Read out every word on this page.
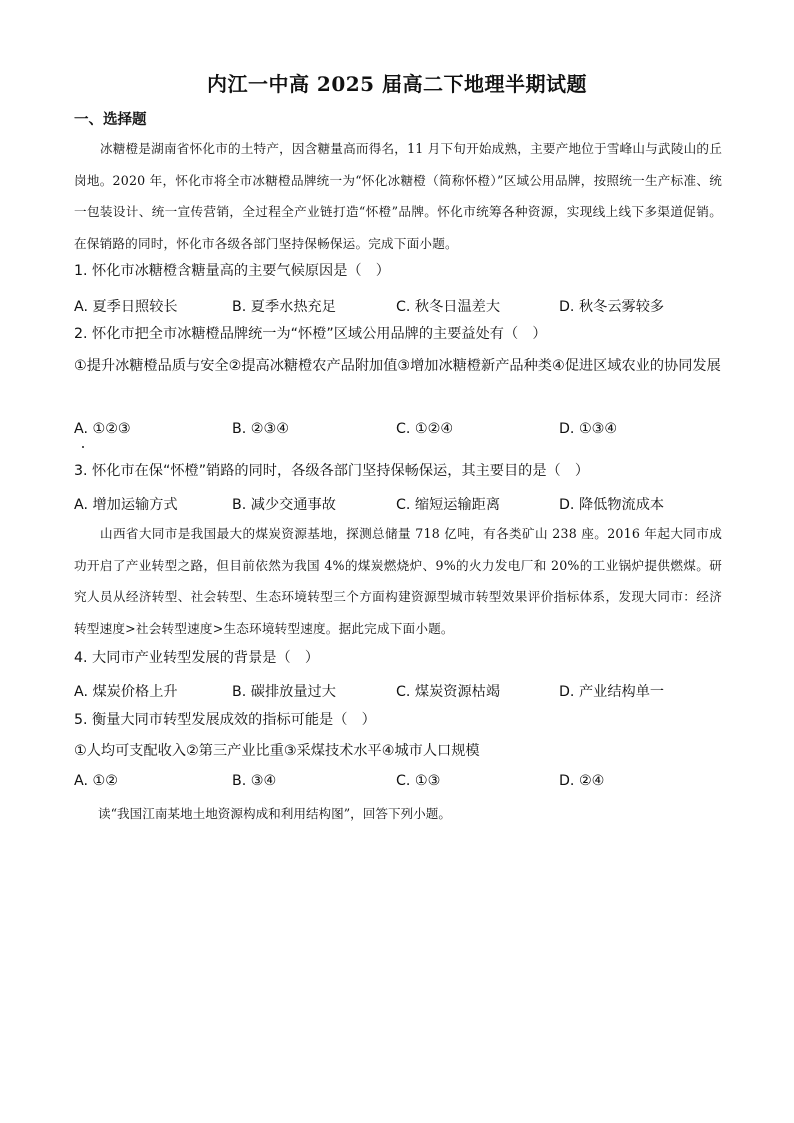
内江一中高 2025 届高二下地理半期试题
一、选择题
冰糖橙是湖南省怀化市的土特产，因含糖量高而得名，11 月下旬开始成熟，主要产地位于雪峰山与武陵山的丘岗地。2020 年，怀化市将全市冰糖橙品牌统一为“怀化冰糖橙（简称怀橙）”区域公用品牌，按照统一生产标准、统一包装设计、统一宣传营销，全过程全产业链打造“怀橙”品牌。怀化市统筹各种资源，实现线上线下多渠道促销。在保销路的同时，怀化市各级各部门坚持保畅保运。完成下面小题。
1. 怀化市冰糖橙含糖量高的主要气候原因是（　）
A. 夏季日照较长	B. 夏季水热充足	C. 秋冬日温差大	D. 秋冬云雾较多
2. 怀化市把全市冰糖橙品牌统一为“怀橙”区域公用品牌的主要益处有（　）
①提升冰糖橙品质与安全②提高冰糖橙农产品附加值③增加冰糖橙新产品种类④促进区域农业的协同发展
A. ①②③	B. ②③④	C. ①②④	D. ①③④
3. 怀化市在保“怀橙”销路的同时，各级各部门坚持保畅保运，其主要目的是（　）
A. 增加运输方式	B. 减少交通事故	C. 缩短运输距离	D. 降低物流成本
山西省大同市是我国最大的煤炭资源基地，探测总储量 718 亿吨，有各类矿山 238 座。2016 年起大同市成功开启了产业转型之路，但目前依然为我国 4%的煤炭燃烧炉、9%的火力发电厂和 20%的工业锅炉提供燃煤。研究人员从经济转型、社会转型、生态环境转型三个方面构建资源型城市转型效果评价指标体系，发现大同市：经济转型速度>社会转型速度>生态环境转型速度。据此完成下面小题。
4. 大同市产业转型发展的背景是（　）
A. 煤炭价格上升	B. 碳排放量过大	C. 煤炭资源枯竭	D. 产业结构单一
5. 衡量大同市转型发展成效的指标可能是（　）
①人均可支配收入②第三产业比重③采煤技术水平④城市人口规模
A. ①②	B. ③④	C. ①③	D. ②④
读“我国江南某地土地资源构成和利用结构图”，回答下列小题。
